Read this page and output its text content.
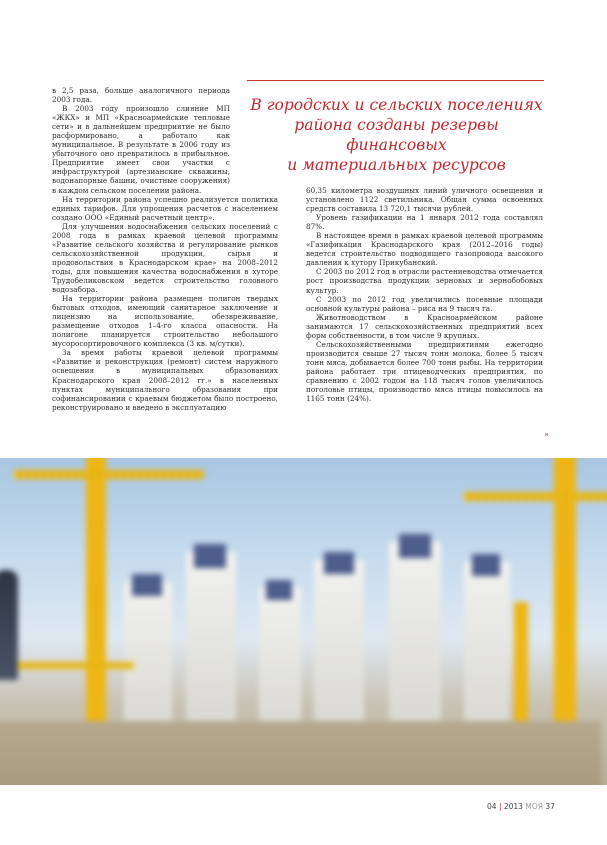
В городских и сельских поселениях
района созданы резервы финансовых
и материальных ресурсов

в 2,5 раза, больше аналогичного периода 2003 года.

В 2003 году произошло слияние МП «ЖКХ» и МП «Красноармейские тепловые сети» и в дальнейшем предприятие не было расформировано, а работало как муниципальное. В результате в 2006 году из убыточного оно превратилось в прибыльное. Предприятие имеет свои участки с инфраструктурой (артезианские скважины, водонапорные башни, очистные сооружения) в каждом сельском поселении района.

На территории района успешно реализуется политика единых тарифов. Для упрощения расчетов с населением создано ООО «Единый расчетный центр».

Для улучшения водоснабжения сельских поселений с 2008 года в рамках краевой целевой программы «Развитие сельского хозяйства и регулирование рынков сельскохозяйственной продукции, сырья и продовольствия в Краснодарском крае» на 2008–2012 годы, для повышения качества водоснабжения в хуторе Трудобеликовском ведется строительство головного водозабора.

На территории района размещен полигон твердых бытовых отходов, имеющий санитарное заключение и лицензию на использование, обезвреживание, размещение отходов 1–4-го класса опасности. На полигоне планируется строительство небольшого мусоросортировочного комплекса (3 кв. м/сутки).

За время работы краевой целевой программы «Развитие и реконструкция (ремонт) систем наружного освещения в муниципальных образованиях Краснодарского края 2008–2012 гг.» в населенных пунктах муниципального образования при софинансировании с краевым бюджетом было построено, реконструировано и введено в эксплуатацию

60,35 километра воздушных линий уличного освещения и установлено 1122 светильника. Общая сумма освоенных средств составила 13 720,1 тысячи рублей.

Уровень газификации на 1 января 2012 года составлял 87%.

В настоящее время в рамках краевой целевой программы «Газификация Краснодарского края (2012–2016 годы) ведется строительство подводящего газопровода высокого давления к хутору Прикубанский.

С 2003 по 2012 год в отрасли растениеводства отмечается рост производства продукции зерновых и зернобобовых культур.

С 2003 по 2012 год увеличились посевные площади основной культуры района – риса на 9 тысяч га.

Животноводством в Красноармейском районе занимаются 17 сельскохозяйственных предприятий всех форм собственности, в том числе 9 крупных.

Сельскохозяйственными предприятиями ежегодно производится свыше 27 тысяч тонн молока, более 5 тысяч тонн мяса, добывается более 700 тонн рыбы. На территории района работает три птицеводческих предприятия, по сравнению с 2002 годом на 118 тысяч голов увеличилось поголовье птицы, производство мяса птицы повысилось на 1165 тонн (24%).

»
04 | 2013 МОЯ 37
